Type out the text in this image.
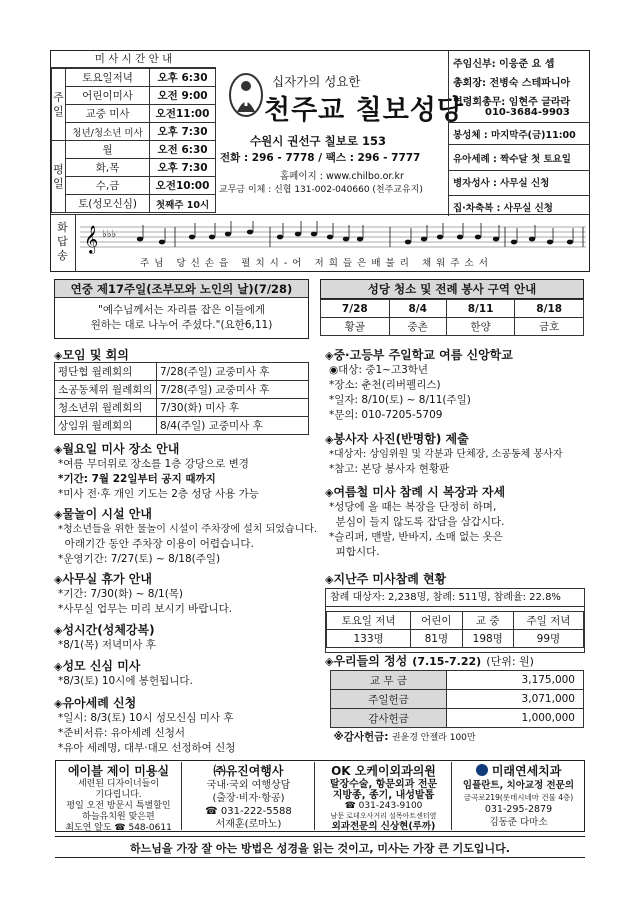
미 사 시 간 안 내
주일	토요일저녁	오후 6:30
	어린이미사	오전 9:00
	교중 미사	오전11:00
	청년/청소년 미사	오후 7:30
평일	월	오전 6:30
	화,목	오후 7:30
	수,금	오전10:00
	토(성모신심)	첫째주 10시
십자가의 성요한
천주교 칠보성당
수원시 권선구 칠보로 153
전화 : 296 - 7778 / 팩스 : 296 - 7777
홈페이지 : www.chilbo.or.kr
교무금 이체 : 신협 131-002-040660 (천주교유지)
주임신부: 이응준 요 셉
총회장: 전병숙 스테파니아
연령회총무: 임현주 글라라
010-3684-9903
봉성체 : 마지막주(금)11:00
유아세례 : 짝수달 첫 토요일
병자성사 : 사무실 신청
집·차축복 : 사무실 신청
화답송
𝄞 ♭♭♭
주 님   당 신 손 을   펼 치 시 - 어   저 희 들 은 배 불 리   채 워 주 소 서
연중 제17주일(조부모와 노인의 날)(7/28)
"예수님께서는 자리를 잡은 이들에게
원하는 대로 나누어 주셨다."(요한6,11)
성당 청소 및 전례 봉사 구역 안내
7/28	8/4	8/11	8/18
황골	중촌	한양	금호
◈모임 및 회의
평단협 월례회의	7/28(주일) 교중미사 후
소공동체위 월례회의	7/28(주일) 교중미사 후
청소년위 월례회의	7/30(화) 미사 후
상임위 월례회의	8/4(주일) 교중미사 후
◈월요일 미사 장소 안내
*여름 무더위로 장소를 1층 강당으로 변경
*기간: 7월 22일부터 공지 때까지
*미사 전·후 개인 기도는 2층 성당 사용 가능
◈물놀이 시설 안내
*청소년들을 위한 물놀이 시설이 주차장에 설치 되었습니다.
아래기간 동안 주차장 이용이 어렵습니다.
*운영기간: 7/27(토) ~ 8/18(주일)
◈사무실 휴가 안내
*기간: 7/30(화) ~ 8/1(목)
*사무실 업무는 미리 보시기 바랍니다.
◈성시간(성체강복)
*8/1(목) 저녁미사 후
◈성모 신심 미사
*8/3(토) 10시에 봉헌됩니다.
◈유아세례 신청
*일시: 8/3(토) 10시 성모신심 미사 후
*준비서류: 유아세례 신청서
*유아 세례명, 대부·대모 선정하여 신청
◈중·고등부 주일학교 여름 신앙학교
◉대상: 중1~고3학년
*장소: 춘천(리버펠리스)
*일자: 8/10(토) ~ 8/11(주일)
*문의: 010-7205-5709
◈봉사자 사진(반명함) 제출
*대상자: 상임위원 및 각분과 단체장, 소공동체 봉사자
*참고: 본당 봉사자 현황판
◈여름철 미사 참례 시 복장과 자세
*성당에 올 때는 복장을 단정히 하며,
분심이 들지 않도록 잡담을 삼갑시다.
*슬리퍼, 맨발, 반바지, 소매 없는 옷은
피합시다.
◈지난주 미사참례 현황
참례 대상자: 2,238명, 참례: 511명, 참례율: 22.8%
토요일 저녁	어린이	교 중	주일 저녁
133명	81명	198명	99명
◈우리들의 정성 (7.15-7.22) (단위: 원)
교 무 금	3,175,000
주일헌금	3,071,000
감사헌금	1,000,000
※감사헌금: 권윤경 안젤라 100만	
에이블 제이 미용실
세련된 디자이너들이
기다립니다.
평일 오전 방문시 특별할인
하늘유치원 맞은편
최도연 알도 ☎ 548-0611
㈜유진여행사
국내·국외 여행상담
(출장·비자·항공)
☎ 031-222-5588
서재훈(로마노)
OK 오케이외과의원
탈장수술, 항문외과 전문
지방종, 종기, 내성발톱
☎ 031-243-9100
남문 로데오사거리 설목아트센터옆
외과전문의 신상현(루까)
미래연세치과
임플란트, 치아교정 전문의
금곡로219(롯데시네마 건물 4층)
031-295-2879
김동준 다마소
하느님을 가장 잘 아는 방법은 성경을 읽는 것이고, 미사는 가장 큰 기도입니다.
